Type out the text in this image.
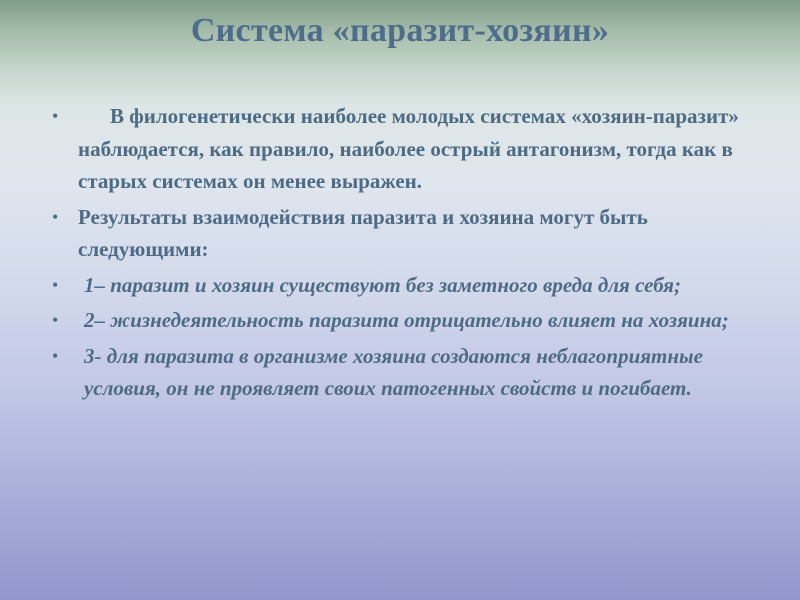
Система «паразит-хозяин»
•	В филогенетически наиболее молодых системах «хозяин-паразит» наблюдается, как правило, наиболее острый антагонизм, тогда как в старых системах он менее выражен.
• Результаты взаимодействия паразита и хозяина могут быть следующими:
• 1– паразит и хозяин существуют без заметного вреда для себя;
• 2– жизнедеятельность паразита отрицательно влияет на хозяина;
• 3- для паразита в организме хозяина создаются неблагоприятные условия, он не проявляет своих патогенных свойств и погибает.
